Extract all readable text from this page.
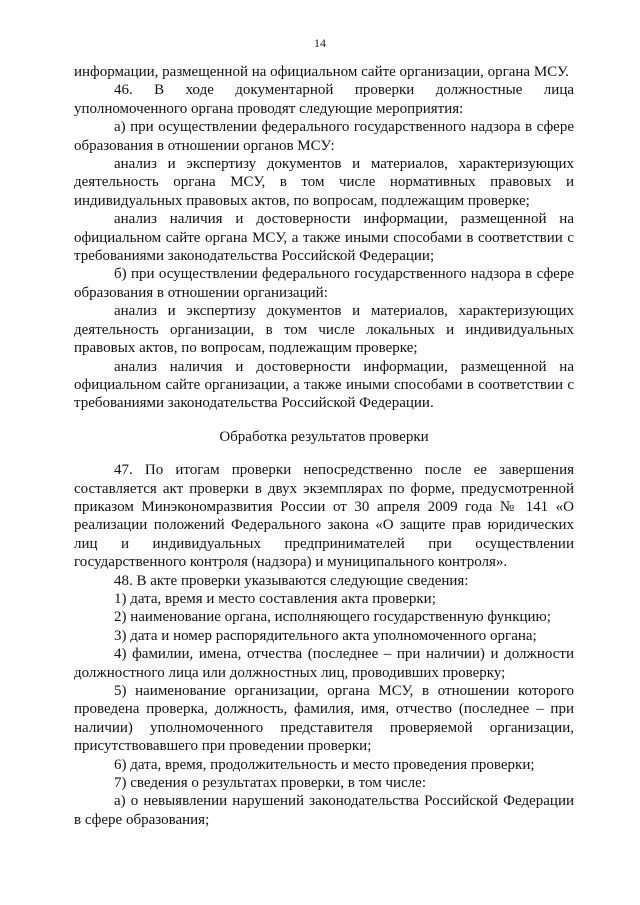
14

информации, размещенной на официальном сайте организации, органа МСУ.

46. В ходе документарной проверки должностные лица уполномоченного органа проводят следующие мероприятия:

а) при осуществлении федерального государственного надзора в сфере образования в отношении органов МСУ:

анализ и экспертизу документов и материалов, характеризующих деятельность органа МСУ, в том числе нормативных правовых и индивидуальных правовых актов, по вопросам, подлежащим проверке;

анализ наличия и достоверности информации, размещенной на официальном сайте органа МСУ, а также иными способами в соответствии с требованиями законодательства Российской Федерации;

б) при осуществлении федерального государственного надзора в сфере образования в отношении организаций:

анализ и экспертизу документов и материалов, характеризующих деятельность организации, в том числе локальных и индивидуальных правовых актов, по вопросам, подлежащим проверке;

анализ наличия и достоверности информации, размещенной на официальном сайте организации, а также иными способами в соответствии с требованиями законодательства Российской Федерации.

Обработка результатов проверки

47. По итогам проверки непосредственно после ее завершения составляется акт проверки в двух экземплярах по форме, предусмотренной приказом Минэкономразвития России от 30 апреля 2009 года № 141 «О реализации положений Федерального закона «О защите прав юридических лиц и индивидуальных предпринимателей при осуществлении государственного контроля (надзора) и муниципального контроля».

48. В акте проверки указываются следующие сведения:

1) дата, время и место составления акта проверки;

2) наименование органа, исполняющего государственную функцию;

3) дата и номер распорядительного акта уполномоченного органа;

4) фамилии, имена, отчества (последнее – при наличии) и должности должностного лица или должностных лиц, проводивших проверку;

5) наименование организации, органа МСУ, в отношении которого проведена проверка, должность, фамилия, имя, отчество (последнее – при наличии) уполномоченного представителя проверяемой организации, присутствовавшего при проведении проверки;

6) дата, время, продолжительность и место проведения проверки;

7) сведения о результатах проверки, в том числе:

а) о невыявлении нарушений законодательства Российской Федерации в сфере образования;
